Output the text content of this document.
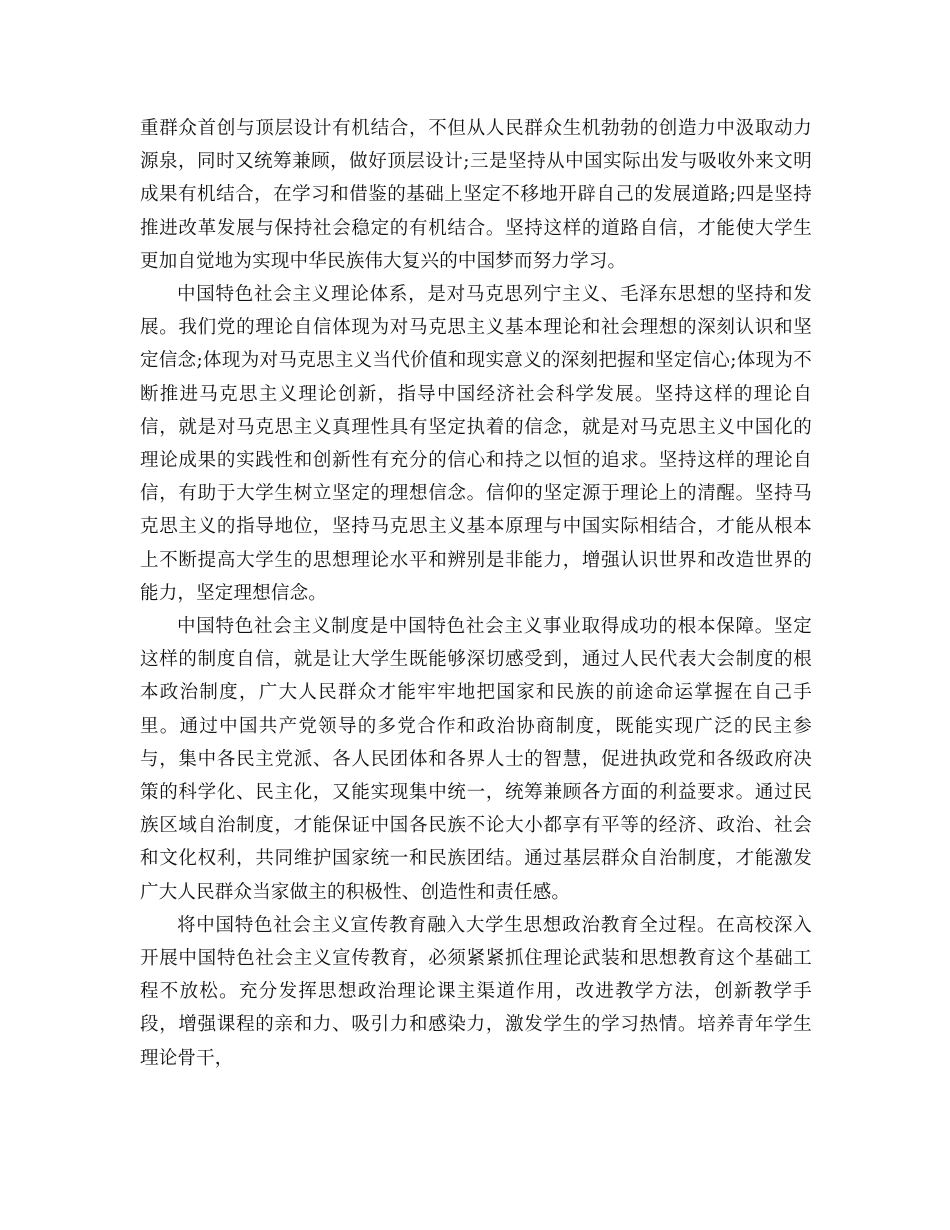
重群众首创与顶层设计有机结合，不但从人民群众生机勃勃的创造力中汲取动力源泉，同时又统筹兼顾，做好顶层设计;三是坚持从中国实际出发与吸收外来文明成果有机结合，在学习和借鉴的基础上坚定不移地开辟自己的发展道路;四是坚持推进改革发展与保持社会稳定的有机结合。坚持这样的道路自信，才能使大学生更加自觉地为实现中华民族伟大复兴的中国梦而努力学习。

中国特色社会主义理论体系，是对马克思列宁主义、毛泽东思想的坚持和发展。我们党的理论自信体现为对马克思主义基本理论和社会理想的深刻认识和坚定信念;体现为对马克思主义当代价值和现实意义的深刻把握和坚定信心;体现为不断推进马克思主义理论创新，指导中国经济社会科学发展。坚持这样的理论自信，就是对马克思主义真理性具有坚定执着的信念，就是对马克思主义中国化的理论成果的实践性和创新性有充分的信心和持之以恒的追求。坚持这样的理论自信，有助于大学生树立坚定的理想信念。信仰的坚定源于理论上的清醒。坚持马克思主义的指导地位，坚持马克思主义基本原理与中国实际相结合，才能从根本上不断提高大学生的思想理论水平和辨别是非能力，增强认识世界和改造世界的能力，坚定理想信念。

中国特色社会主义制度是中国特色社会主义事业取得成功的根本保障。坚定这样的制度自信，就是让大学生既能够深切感受到，通过人民代表大会制度的根本政治制度，广大人民群众才能牢牢地把国家和民族的前途命运掌握在自己手里。通过中国共产党领导的多党合作和政治协商制度，既能实现广泛的民主参与，集中各民主党派、各人民团体和各界人士的智慧，促进执政党和各级政府决策的科学化、民主化，又能实现集中统一，统筹兼顾各方面的利益要求。通过民族区域自治制度，才能保证中国各民族不论大小都享有平等的经济、政治、社会和文化权利，共同维护国家统一和民族团结。通过基层群众自治制度，才能激发广大人民群众当家做主的积极性、创造性和责任感。

将中国特色社会主义宣传教育融入大学生思想政治教育全过程。在高校深入开展中国特色社会主义宣传教育，必须紧紧抓住理论武装和思想教育这个基础工程不放松。充分发挥思想政治理论课主渠道作用，改进教学方法，创新教学手段，增强课程的亲和力、吸引力和感染力，激发学生的学习热情。培养青年学生理论骨干，
